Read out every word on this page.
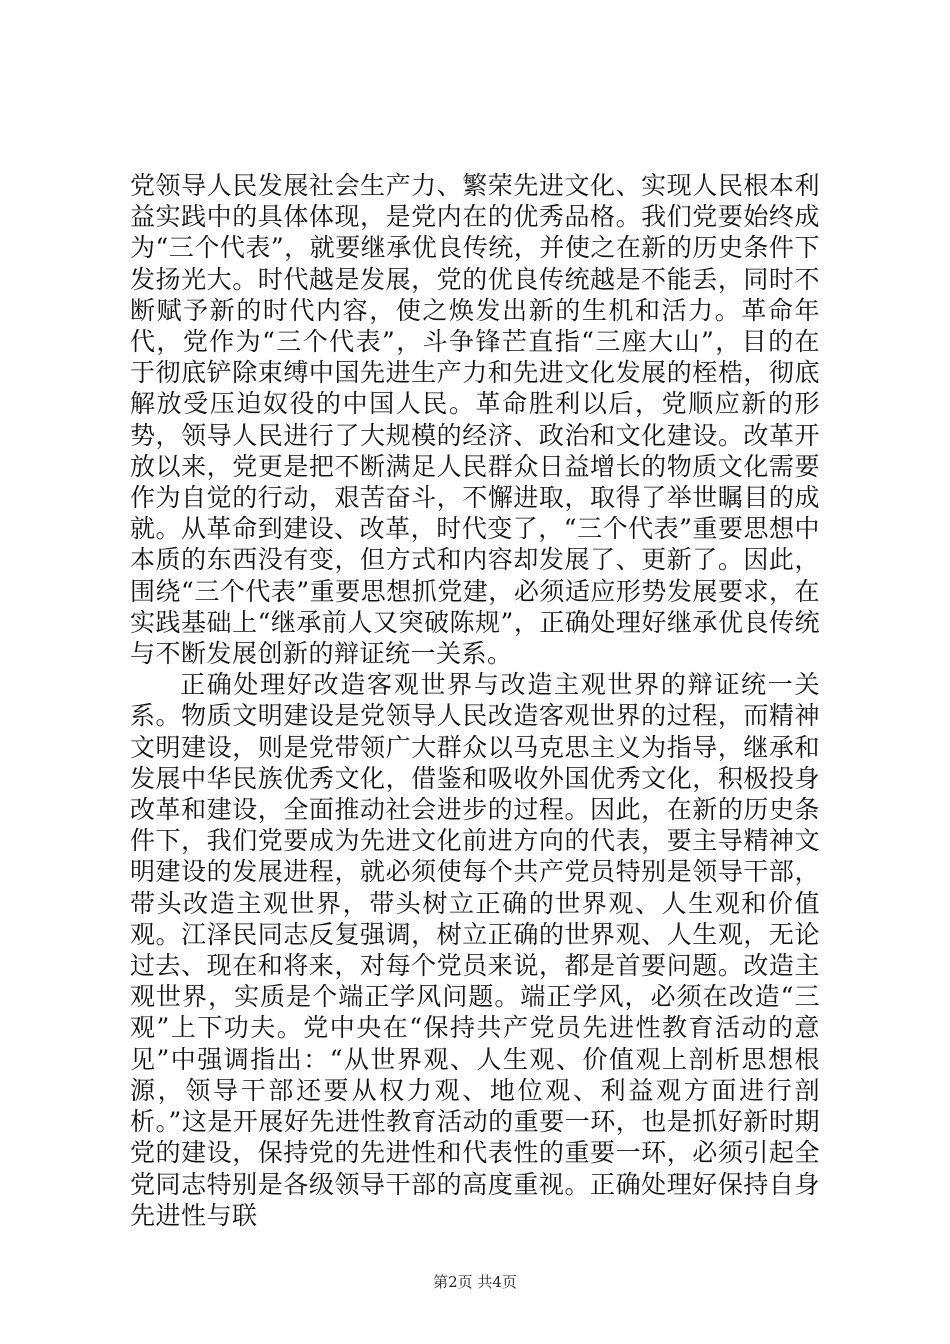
党领导人民发展社会生产力、繁荣先进文化、实现人民根本利益实践中的具体体现，是党内在的优秀品格。我们党要始终成为“三个代表”，就要继承优良传统，并使之在新的历史条件下发扬光大。时代越是发展，党的优良传统越是不能丢，同时不断赋予新的时代内容，使之焕发出新的生机和活力。革命年代，党作为“三个代表”，斗争锋芒直指“三座大山”，目的在于彻底铲除束缚中国先进生产力和先进文化发展的桎梏，彻底解放受压迫奴役的中国人民。革命胜利以后，党顺应新的形势，领导人民进行了大规模的经济、政治和文化建设。改革开放以来，党更是把不断满足人民群众日益增长的物质文化需要作为自觉的行动，艰苦奋斗，不懈进取，取得了举世瞩目的成就。从革命到建设、改革，时代变了，“三个代表”重要思想中本质的东西没有变，但方式和内容却发展了、更新了。因此，围绕“三个代表”重要思想抓党建，必须适应形势发展要求，在实践基础上“继承前人又突破陈规”，正确处理好继承优良传统与不断发展创新的辩证统一关系。

正确处理好改造客观世界与改造主观世界的辩证统一关系。物质文明建设是党领导人民改造客观世界的过程，而精神文明建设，则是党带领广大群众以马克思主义为指导，继承和发展中华民族优秀文化，借鉴和吸收外国优秀文化，积极投身改革和建设，全面推动社会进步的过程。因此，在新的历史条件下，我们党要成为先进文化前进方向的代表，要主导精神文明建设的发展进程，就必须使每个共产党员特别是领导干部，带头改造主观世界，带头树立正确的世界观、人生观和价值观。江泽民同志反复强调，树立正确的世界观、人生观，无论过去、现在和将来，对每个党员来说，都是首要问题。改造主观世界，实质是个端正学风问题。端正学风，必须在改造“三观”上下功夫。党中央在“保持共产党员先进性教育活动的意见”中强调指出：“从世界观、人生观、价值观上剖析思想根源，领导干部还要从权力观、地位观、利益观方面进行剖析。”这是开展好先进性教育活动的重要一环，也是抓好新时期党的建设，保持党的先进性和代表性的重要一环，必须引起全党同志特别是各级领导干部的高度重视。正确处理好保持自身先进性与联

第2页 共4页
